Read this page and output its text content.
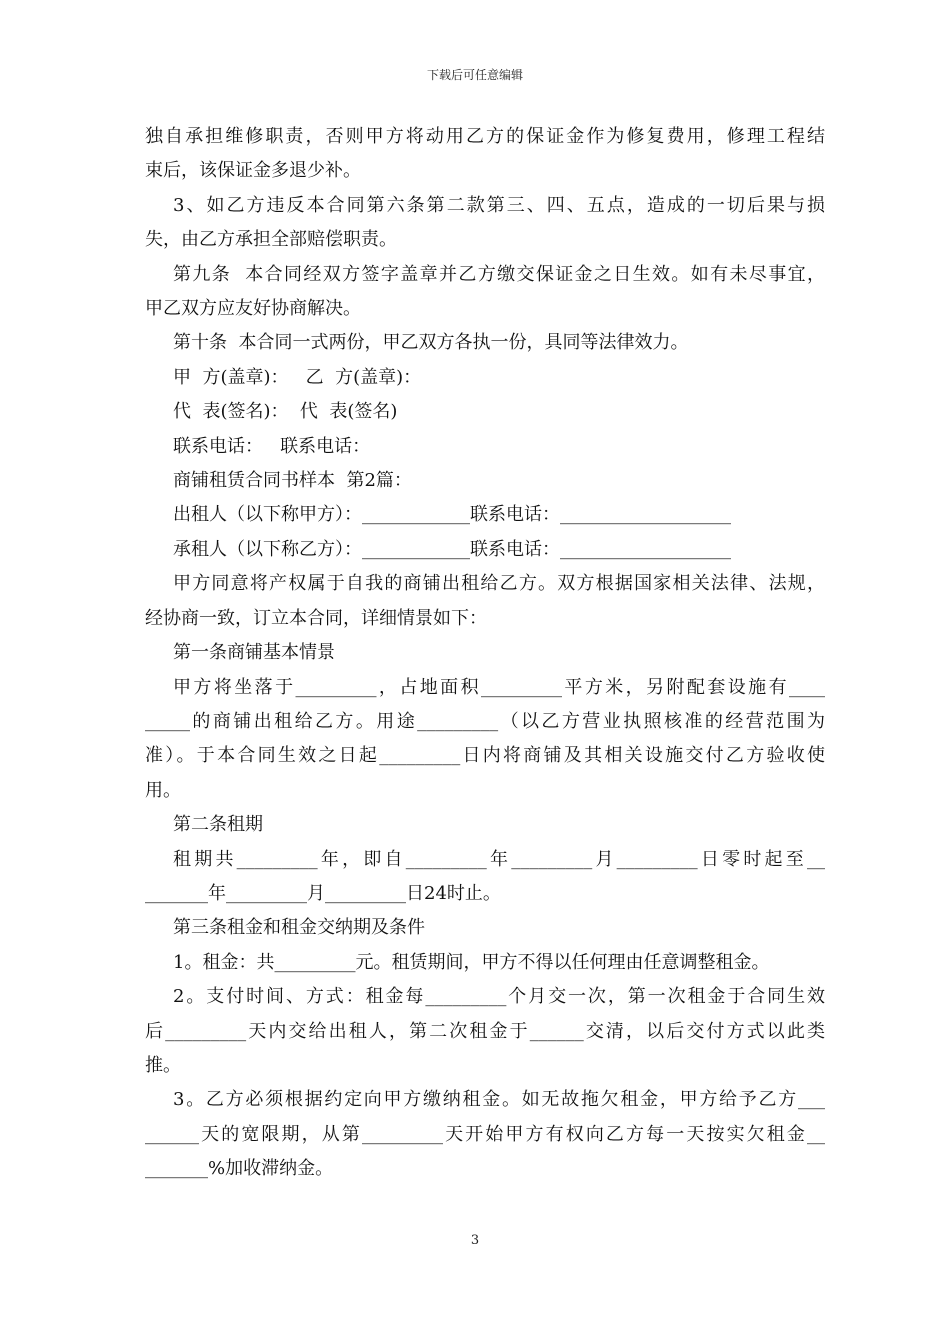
下载后可任意编辑

独自承担维修职责，否则甲方将动用乙方的保证金作为修复费用，修理工程结

束后，该保证金多退少补。

3、如乙方违反本合同第六条第二款第三、四、五点，造成的一切后果与损

失，由乙方承担全部赔偿职责。

第九条  本合同经双方签字盖章并乙方缴交保证金之日生效。如有未尽事宜，

甲乙双方应友好协商解决。

第十条  本合同一式两份，甲乙双方各执一份，具同等法律效力。

甲  方(盖章)：   乙  方(盖章)：

代  表(签名)：  代  表(签名)

联系电话：   联系电话：

商铺租赁合同书样本  第2篇：

出租人（以下称甲方）：____________联系电话：___________________

承租人（以下称乙方）：____________联系电话：___________________

甲方同意将产权属于自我的商铺出租给乙方。双方根据国家相关法律、法规，

经协商一致，订立本合同，详细情景如下：

第一条商铺基本情景

甲方将坐落于_________，占地面积_________平方米，另附配套设施有____

_____的商铺出租给乙方。用途_________（以乙方营业执照核准的经营范围为

准）。于本合同生效之日起_________日内将商铺及其相关设施交付乙方验收使

用。

第二条租期

租期共_________年，即自_________年_________月_________日零时起至__

_______年_________月_________日24时止。

第三条租金和租金交纳期及条件

1。租金：共_________元。租赁期间，甲方不得以任何理由任意调整租金。

2。支付时间、方式：租金每_________个月交一次，第一次租金于合同生效

后_________天内交给出租人，第二次租金于______交清，以后交付方式以此类

推。

3。乙方必须根据约定向甲方缴纳租金。如无故拖欠租金，甲方给予乙方___

______天的宽限期，从第_________天开始甲方有权向乙方每一天按实欠租金__

_______%加收滞纳金。

3
